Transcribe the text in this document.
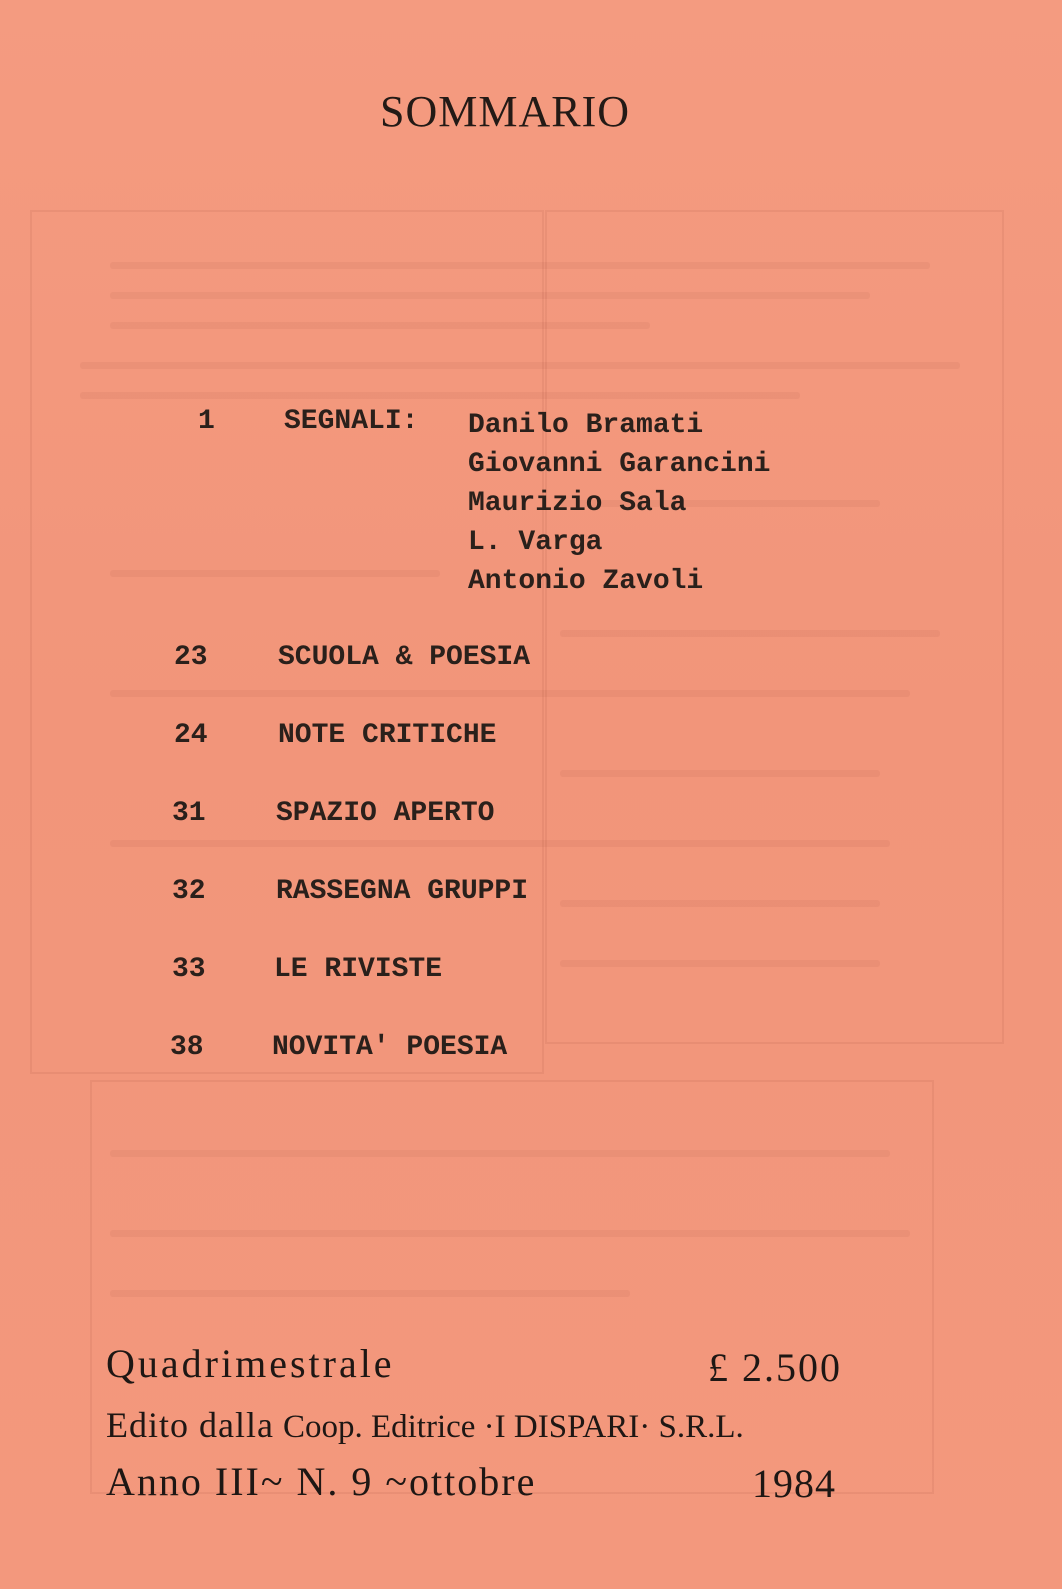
SOMMARIO
1 SEGNALI: Danilo Bramati
Giovanni Garancini
Maurizio Sala
L. Varga
Antonio Zavoli
23	SCUOLA & POESIA
24	NOTE CRITICHE
31	SPAZIO APERTO
32	RASSEGNA GRUPPI
33 LE RIVISTE
38 NOVITA' POESIA
Quadrimestrale	£ 2.500
Edito dalla Coop. Editrice ·I DISPARI· S.R.L.
Anno III~ N. 9 ~ottobre	1984
